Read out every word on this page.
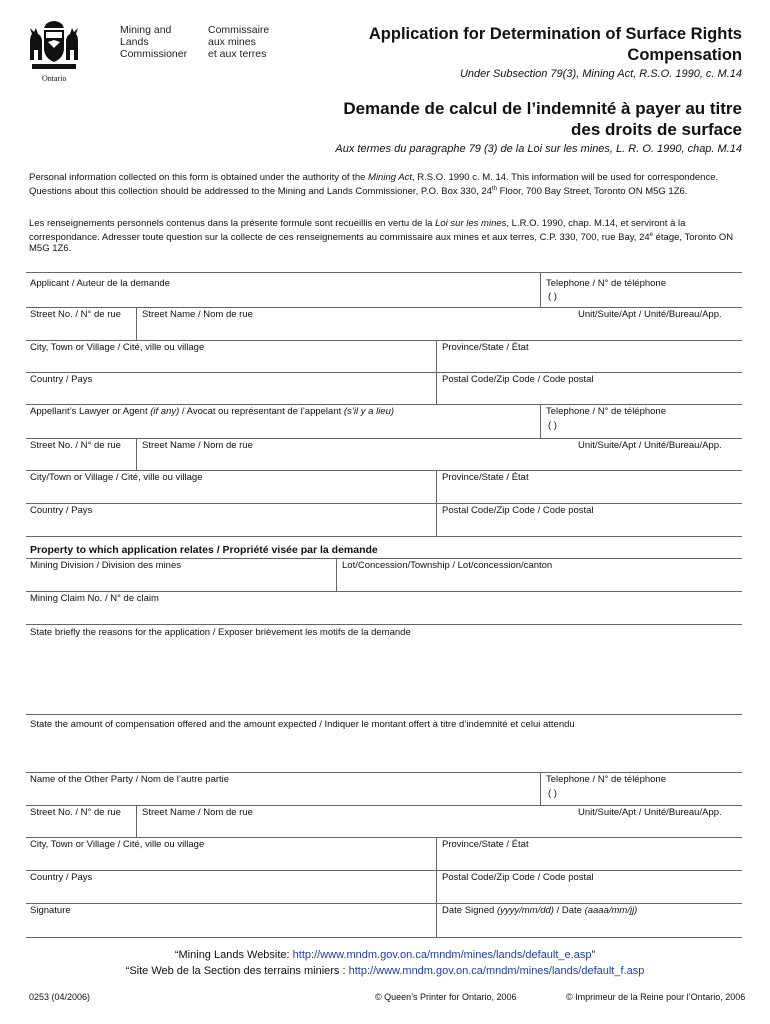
Ontario
Mining and
Lands
Commissioner
Commissaire
aux mines
et aux terres
Application for Determination of Surface Rights
Compensation
Under Subsection 79(3), Mining Act, R.S.O. 1990, c. M.14
Demande de calcul de l’indemnité à payer au titre
des droits de surface
Aux termes du paragraphe 79 (3) de la Loi sur les mines, L. R. O. 1990, chap. M.14
Personal information collected on this form is obtained under the authority of the Mining Act, R.S.O. 1990 c. M. 14. This information will be used for correspondence. Questions about this collection should be addressed to the Mining and Lands Commissioner, P.O. Box 330, 24th Floor, 700 Bay Street, Toronto ON M5G 1Z6.
Les renseignements personnels contenus dans la présente formule sont recueillis en vertu de la Loi sur les mines, L.R.O. 1990, chap. M.14, et serviront à la correspondance. Adresser toute question sur la collecte de ces renseignements au commissaire aux mines et aux terres, C.P. 330, 700, rue Bay, 24e étage, Toronto ON M5G 1Z6.
Applicant / Auteur de la demande	Telephone / N° de téléphone
( )
Street No. / N° de rue Street Name / Nom de rue	Unit/Suite/Apt / Unité/Bureau/App.
City, Town or Village / Cité, ville ou village	Province/State / État
Country / Pays	Postal Code/Zip Code / Code postal
Appellant’s Lawyer or Agent (if any) / Avocat ou représentant de l’appelant (s’il y a lieu)	Telephone / N° de téléphone
( )
Street No. / N° de rue Street Name / Nom de rue	Unit/Suite/Apt / Unité/Bureau/App.
City/Town or Village / Cité, ville ou village	Province/State / État
Country / Pays	Postal Code/Zip Code / Code postal
Property to which application relates / Propriété visée par la demande
Mining Division / Division des mines	Lot/Concession/Township / Lot/concession/canton
Mining Claim No. / N° de claim
State briefly the reasons for the application / Exposer brièvement les motifs de la demande
State the amount of compensation offered and the amount expected / Indiquer le montant offert à titre d’indemnité et celui attendu
Name of the Other Party / Nom de l’autre partie	Telephone / N° de téléphone
( )
Street No. / N° de rue Street Name / Nom de rue	Unit/Suite/Apt / Unité/Bureau/App.
City, Town or Village / Cité, ville ou village	Province/State / État
Country / Pays	Postal Code/Zip Code / Code postal
Signature	Date Signed (yyyy/mm/dd) / Date (aaaa/mm/jj)
“Mining Lands Website: http://www.mndm.gov.on.ca/mndm/mines/lands/default_e.asp”
“Site Web de la Section des terrains miniers : http://www.mndm.gov.on.ca/mndm/mines/lands/default_f.asp
0253 (04/2006)	© Queen’s Printer for Ontario, 2006	© Imprimeur de la Reine pour l’Ontario, 2006
